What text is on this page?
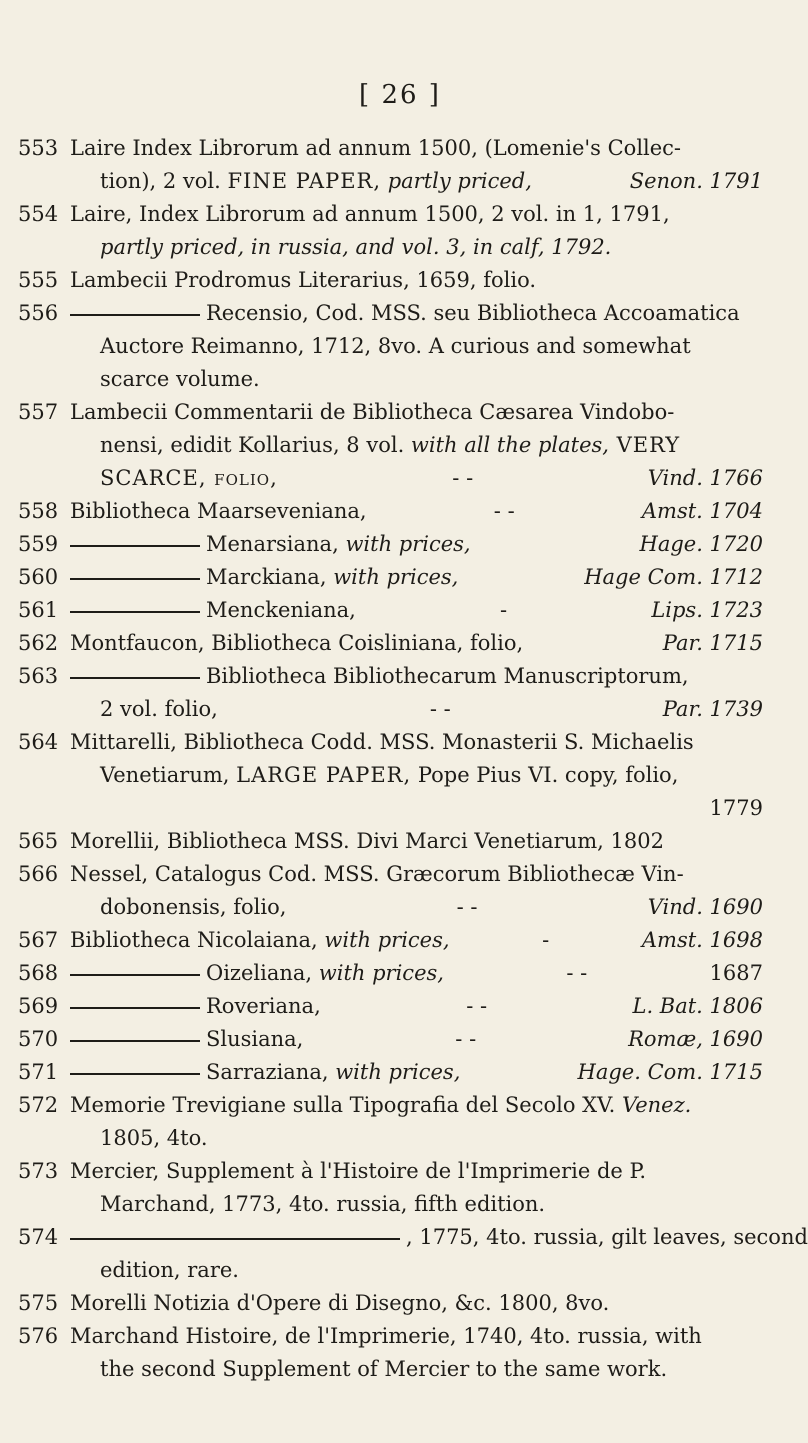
[ 26 ]
553 Laire Index Librorum ad annum 1500, (Lomenie's Collec-
tion), 2 vol. FINE PAPER, partly priced,	Senon. 1791
554 Laire, Index Librorum ad annum 1500, 2 vol. in 1, 1791,
partly priced, in russia, and vol. 3, in calf, 1792.
555 Lambecii Prodromus Literarius, 1659, folio.
556	Recensio, Cod. MSS. seu Bibliotheca Accoamatica
Auctore Reimanno, 1712, 8vo. A curious and somewhat
scarce volume.
557 Lambecii Commentarii de Bibliotheca Cæsarea Vindobo-
nensi, edidit Kollarius, 8 vol. with all the plates, VERY
SCARCE, folio,	- -	Vind. 1766
558 Bibliotheca Maarseveniana,	- -	Amst. 1704
559	Menarsiana, with prices,	Hage. 1720
560	Marckiana, with prices,	Hage Com. 1712
561	Menckeniana,	-	Lips. 1723
562 Montfaucon, Bibliotheca Coisliniana, folio,	Par. 1715
563	Bibliotheca Bibliothecarum Manuscriptorum,
2 vol. folio,	- -	Par. 1739
564 Mittarelli, Bibliotheca Codd. MSS. Monasterii S. Michaelis
Venetiarum, LARGE PAPER, Pope Pius VI. copy, folio,
1779
565 Morellii, Bibliotheca MSS. Divi Marci Venetiarum, 1802
566 Nessel, Catalogus Cod. MSS. Græcorum Bibliothecæ Vin-
dobonensis, folio,	- -	Vind. 1690
567 Bibliotheca Nicolaiana, with prices,	-	Amst. 1698
568	Oizeliana, with prices,	- -	1687
569	Roveriana,	- -	L. Bat. 1806
570	Slusiana,	- -	Romæ, 1690
571	Sarraziana, with prices,	Hage. Com. 1715
572 Memorie Trevigiane sulla Tipografia del Secolo XV. Venez.
1805, 4to.
573 Mercier, Supplement à l'Histoire de l'Imprimerie de P.
Marchand, 1773, 4to. russia, fifth edition.
574	, 1775, 4to. russia, gilt leaves, second
edition, rare.
575 Morelli Notizia d'Opere di Disegno, &c. 1800, 8vo.
576 Marchand Histoire, de l'Imprimerie, 1740, 4to. russia, with
the second Supplement of Mercier to the same work.
